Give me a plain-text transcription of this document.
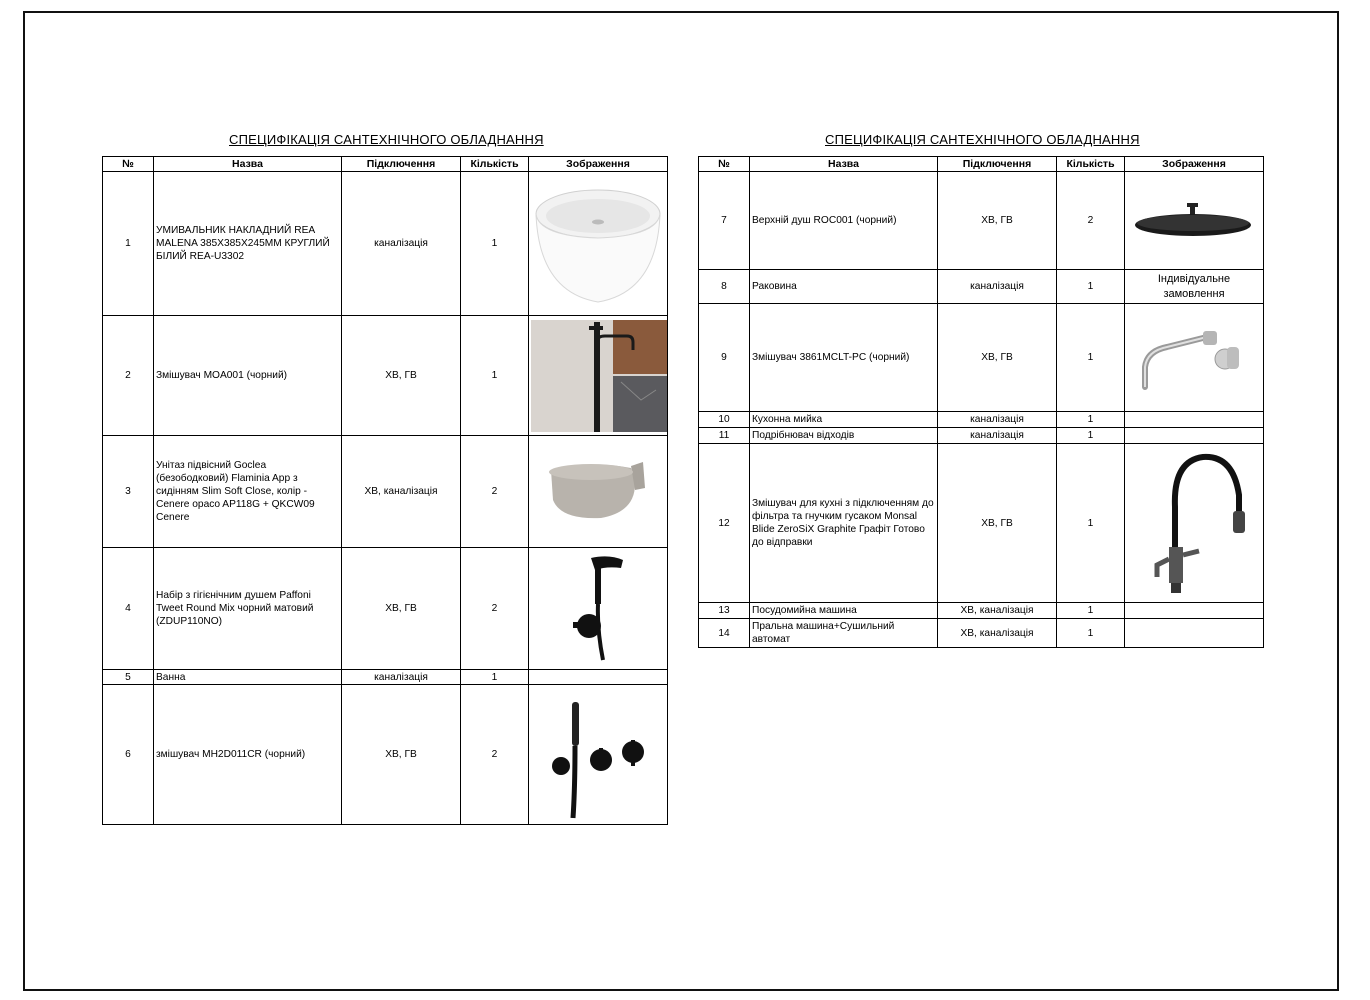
СПЕЦИФІКАЦІЯ САНТЕХНІЧНОГО ОБЛАДНАННЯ
№	Назва	Підключення	Кількість	Зображення
1	УМИВАЛЬНИК НАКЛАДНИЙ REA MALENA 385X385X245MM КРУГЛИЙ БІЛИЙ REA-U3302	каналізація	1	

2	Змішувач MOA001 (чорний)	ХВ, ГВ	1	

3	Унітаз підвісний Goclea (безободковий) Flaminia App з сидінням Slim Soft Close, колір - Cenere opaco AP118G + QKCW09 Cenere	ХВ, каналізація	2	

4	Набір з гігієнічним душем Paffoni Tweet Round Mix чорний матовий (ZDUP110NO)	ХВ, ГВ	2	

5	Ванна	каналізація	1	
6	змішувач MH2D011CR (чорний)	ХВ, ГВ	2	
СПЕЦИФІКАЦІЯ САНТЕХНІЧНОГО ОБЛАДНАННЯ
№	Назва	Підключення	Кількість	Зображення
7	Верхній душ ROC001 (чорний)	ХВ, ГВ	2	

8	Раковина	каналізація	1	Індивідуальне замовлення

9	Змішувач 3861MCLT-PC (чорний)	ХВ, ГВ	1	

10	Кухонна мийка	каналізація	1	
11	Подрібнювач відходів	каналізація	1	
12	Змішувач для кухні з підключенням до фільтра та гнучким гусаком Monsal Blide ZeroSiX Graphite Графіт Готово до відправки	ХВ, ГВ	1	

13	Посудомийна машина	ХВ, каналізація	1	
14	Пральна машина+Сушильний автомат	ХВ, каналізація	1	
